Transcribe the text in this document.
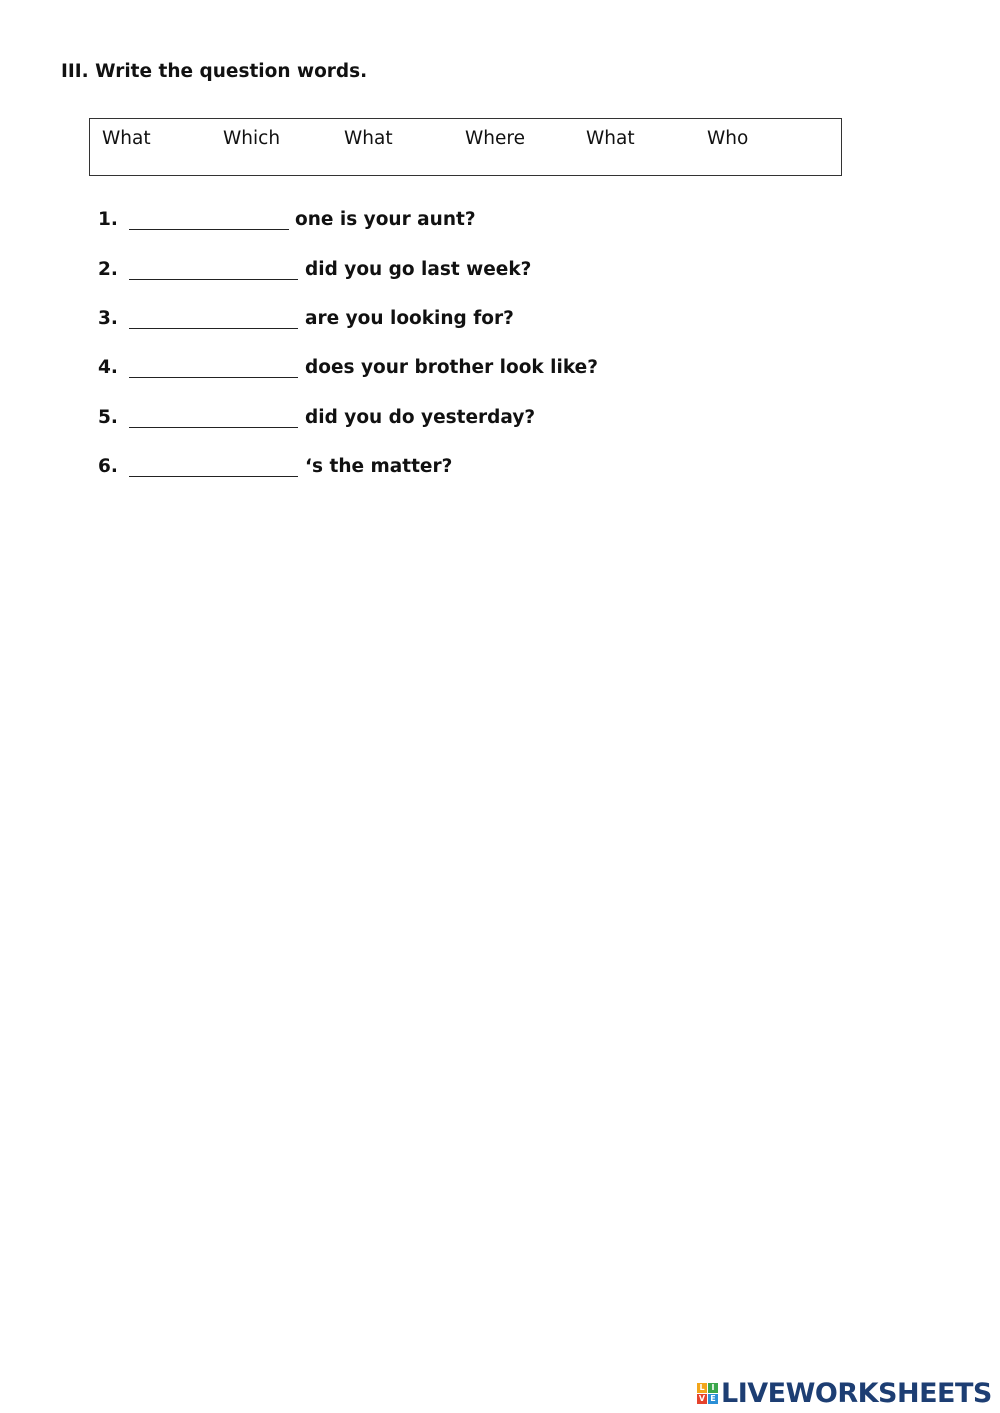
III. Write the question words.
What	Which	What	Where	What	Who
1.	one is your aunt?
2.	did you go last week?
3.	are you looking for?
4.	does your brother look like?
5.	did you do yesterday?
6.	‘s the matter?
L I
V E LIVEWORKSHEETS
